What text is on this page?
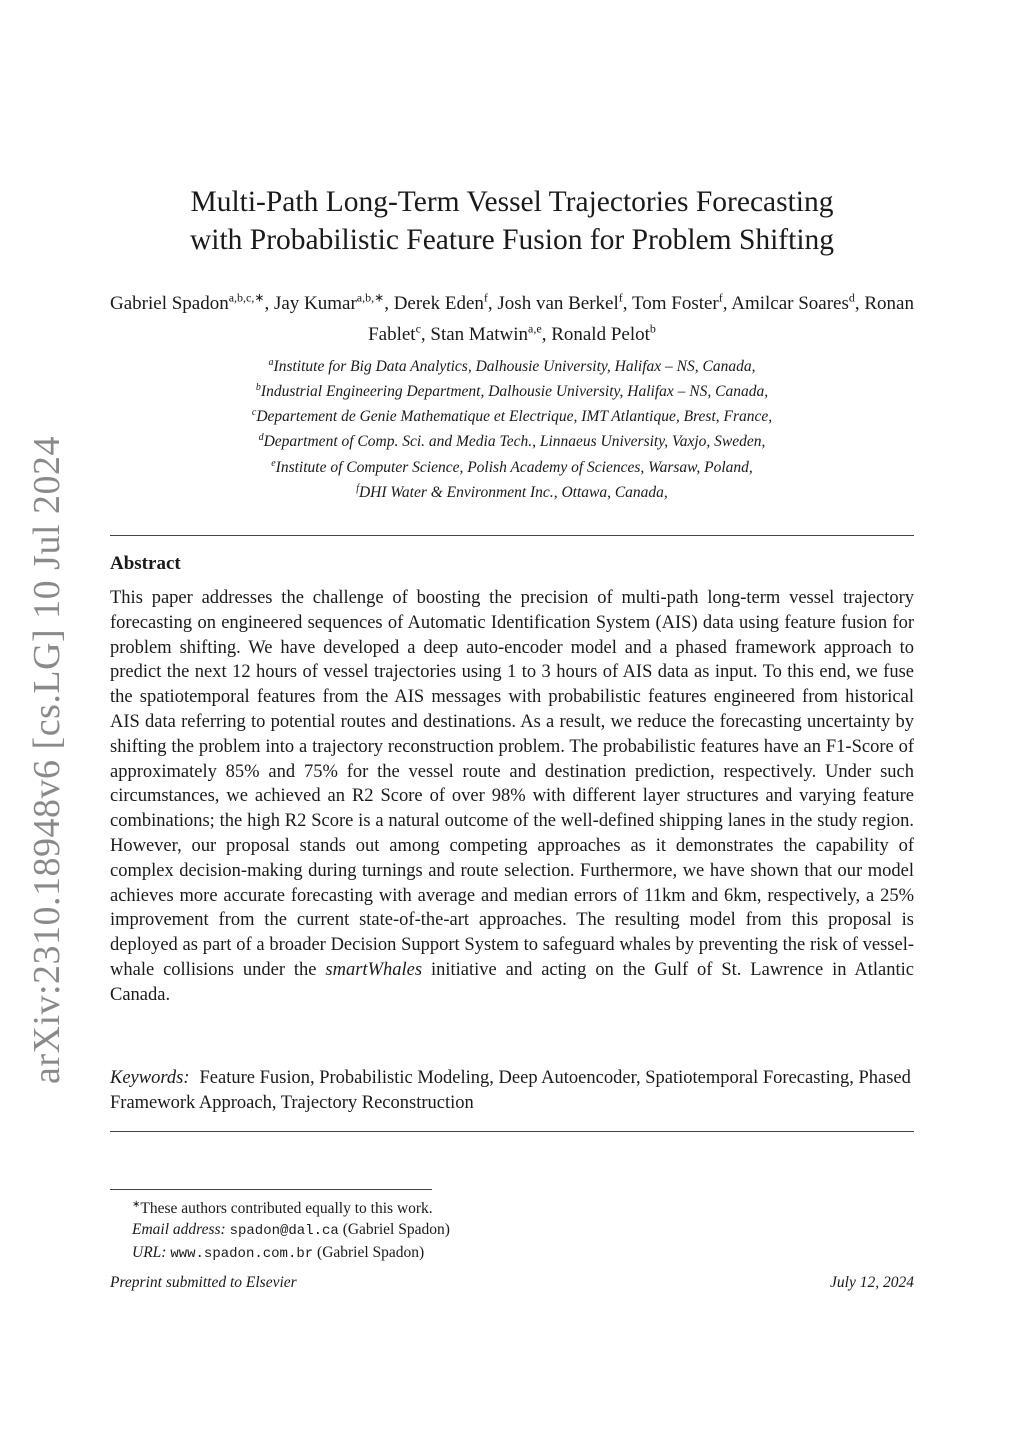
arXiv:2310.18948v6 [cs.LG] 10 Jul 2024
Multi-Path Long-Term Vessel Trajectories Forecasting
with Probabilistic Feature Fusion for Problem Shifting
Gabriel Spadon$^{a,b,c,∗}$, Jay Kumar$^{a,b,∗}$, Derek Eden$^f$, Josh van Berkel$^f$, Tom Foster$^f$, Amilcar Soares$^d$, Ronan Fablet$^c$, Stan Matwin$^{a,e}$, Ronald Pelot$^b$
$^a$Institute for Big Data Analytics, Dalhousie University, Halifax – NS, Canada,
$^b$Industrial Engineering Department, Dalhousie University, Halifax – NS, Canada,
$^c$Departement de Genie Mathematique et Electrique, IMT Atlantique, Brest, France,
$^d$Department of Comp. Sci. and Media Tech., Linnaeus University, Vaxjo, Sweden,
$^e$Institute of Computer Science, Polish Academy of Sciences, Warsaw, Poland,
$^f$DHI Water & Environment Inc., Ottawa, Canada,
Abstract

This paper addresses the challenge of boosting the precision of multi-path long-term vessel trajectory forecasting on engineered sequences of Automatic Identification System (AIS) data using feature fusion for problem shifting. We have developed a deep auto-encoder model and a phased framework approach to predict the next 12 hours of vessel trajectories using 1 to 3 hours of AIS data as input. To this end, we fuse the spatiotemporal features from the AIS messages with probabilistic features engineered from historical AIS data referring to potential routes and destinations. As a result, we reduce the forecasting uncertainty by shifting the problem into a trajectory reconstruction problem. The probabilistic features have an F1-Score of approximately 85% and 75% for the vessel route and destination prediction, respectively. Under such circumstances, we achieved an R2 Score of over 98% with different layer structures and varying feature combinations; the high R2 Score is a natural outcome of the well-defined shipping lanes in the study region. However, our proposal stands out among competing approaches as it demonstrates the capability of complex decision-making during turnings and route selection. Furthermore, we have shown that our model achieves more accurate forecasting with average and median errors of 11km and 6km, respectively, a 25% improvement from the current state-of-the-art approaches. The resulting model from this proposal is deployed as part of a broader Decision Support System to safeguard whales by preventing the risk of vessel-whale collisions under the smartWhales initiative and acting on the Gulf of St. Lawrence in Atlantic Canada.

Keywords: Feature Fusion, Probabilistic Modeling, Deep Autoencoder, Spatiotemporal Forecasting, Phased Framework Approach, Trajectory Reconstruction
∗These authors contributed equally to this work.
Email address: spadon@dal.ca (Gabriel Spadon)
URL: www.spadon.com.br (Gabriel Spadon)
Preprint submitted to Elsevier	July 12, 2024
